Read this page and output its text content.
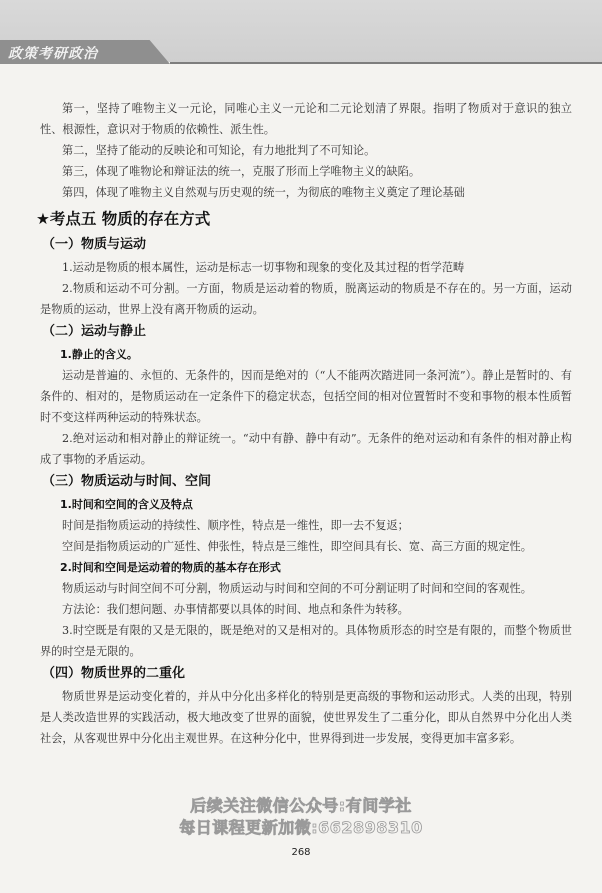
政策考研政治

第一，坚持了唯物主义一元论，同唯心主义一元论和二元论划清了界限。指明了物质对于意识的独立性、根源性，意识对于物质的依赖性、派生性。

第二，坚持了能动的反映论和可知论，有力地批判了不可知论。

第三，体现了唯物论和辩证法的统一，克服了形而上学唯物主义的缺陷。

第四，体现了唯物主义自然观与历史观的统一，为彻底的唯物主义奠定了理论基础

★考点五 物质的存在方式
（一）物质与运动

1.运动是物质的根本属性，运动是标志一切事物和现象的变化及其过程的哲学范畴

2.物质和运动不可分割。一方面，物质是运动着的物质，脱离运动的物质是不存在的。另一方面，运动是物质的运动，世界上没有离开物质的运动。

（二）运动与静止
1.静止的含义。

运动是普遍的、永恒的、无条件的，因而是绝对的（“人不能两次踏进同一条河流”）。静止是暂时的、有条件的、相对的，是物质运动在一定条件下的稳定状态，包括空间的相对位置暂时不变和事物的根本性质暂时不变这样两种运动的特殊状态。

2.绝对运动和相对静止的辩证统一。“动中有静、静中有动”。无条件的绝对运动和有条件的相对静止构成了事物的矛盾运动。

（三）物质运动与时间、空间
1.时间和空间的含义及特点

时间是指物质运动的持续性、顺序性，特点是一维性，即一去不复返；

空间是指物质运动的广延性、伸张性，特点是三维性，即空间具有长、宽、高三方面的规定性。

2.时间和空间是运动着的物质的基本存在形式

物质运动与时间空间不可分割，物质运动与时间和空间的不可分割证明了时间和空间的客观性。

方法论：我们想问题、办事情都要以具体的时间、地点和条件为转移。

3.时空既是有限的又是无限的，既是绝对的又是相对的。具体物质形态的时空是有限的，而整个物质世界的时空是无限的。

（四）物质世界的二重化

物质世界是运动变化着的，并从中分化出多样化的特别是更高级的事物和运动形式。人类的出现，特别是人类改造世界的实践活动，极大地改变了世界的面貌，使世界发生了二重分化，即从自然界中分化出人类社会，从客观世界中分化出主观世界。在这种分化中，世界得到进一步发展，变得更加丰富多彩。

后续关注微信公众号:有间学社
每日课程更新加微:662898310
268
